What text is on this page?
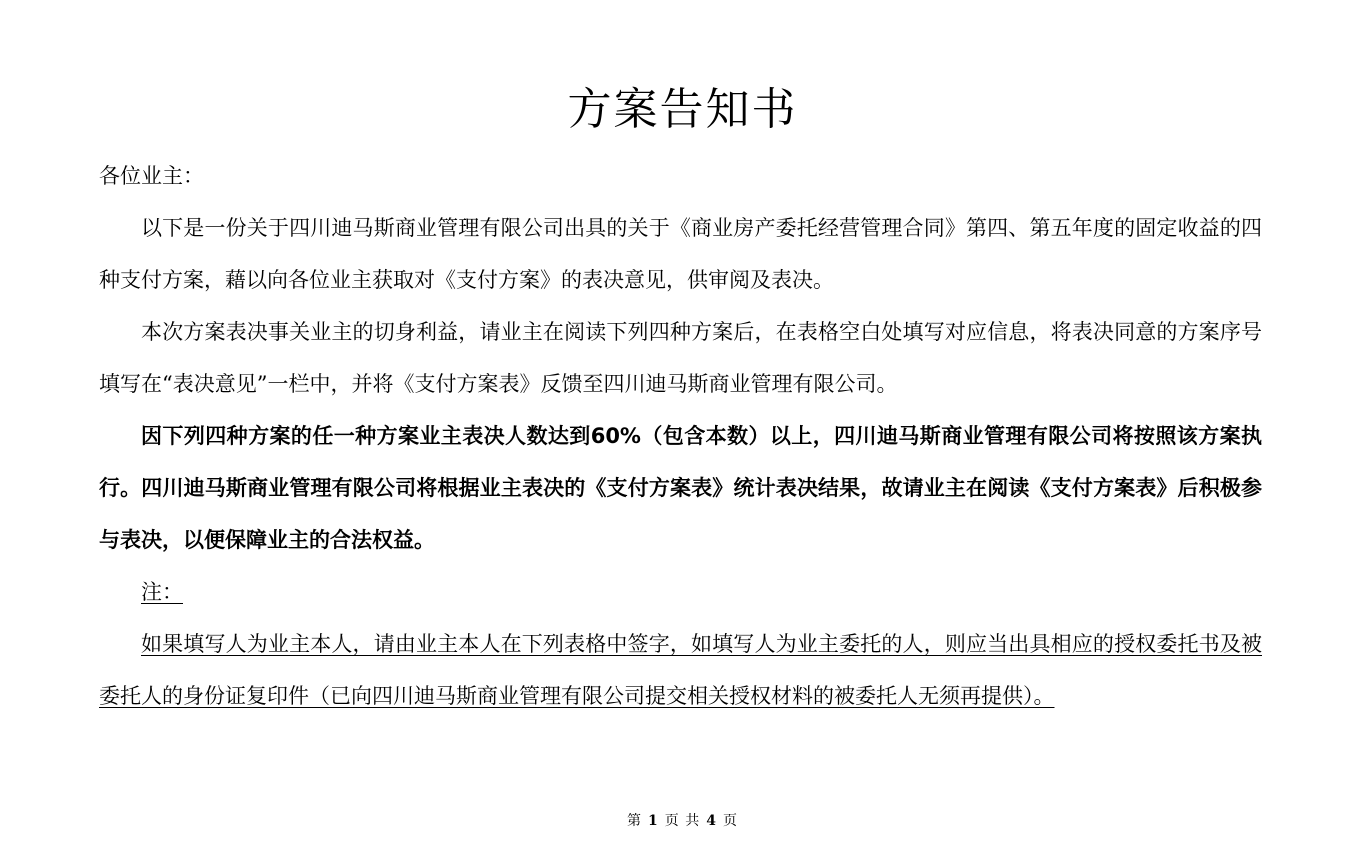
方案告知书

各位业主：

以下是一份关于四川迪马斯商业管理有限公司出具的关于《商业房产委托经营管理合同》第四、第五年度的固定收益的四种支付方案，藉以向各位业主获取对《支付方案》的表决意见，供审阅及表决。

本次方案表决事关业主的切身利益，请业主在阅读下列四种方案后，在表格空白处填写对应信息，将表决同意的方案序号填写在“表决意见”一栏中，并将《支付方案表》反馈至四川迪马斯商业管理有限公司。

因下列四种方案的任一种方案业主表决人数达到60%（包含本数）以上，四川迪马斯商业管理有限公司将按照该方案执行。四川迪马斯商业管理有限公司将根据业主表决的《支付方案表》统计表决结果，故请业主在阅读《支付方案表》后积极参与表决，以便保障业主的合法权益。

注：

如果填写人为业主本人，请由业主本人在下列表格中签字，如填写人为业主委托的人，则应当出具相应的授权委托书及被委托人的身份证复印件（已向四川迪马斯商业管理有限公司提交相关授权材料的被委托人无须再提供）。

第 1 页 共 4 页
